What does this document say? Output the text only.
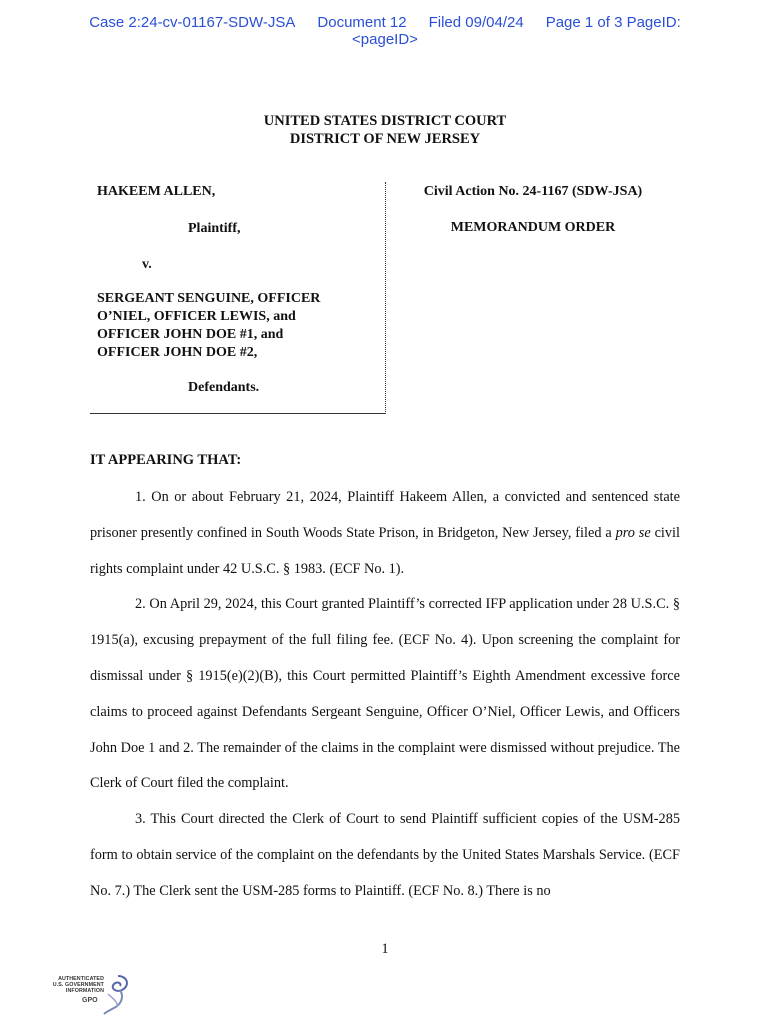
Case 2:24-cv-01167-SDW-JSA Document 12 Filed 09/04/24 Page 1 of 3 PageID:
<pageID>
UNITED STATES DISTRICT COURT
DISTRICT OF NEW JERSEY
HAKEEM ALLEN,
Plaintiff,
v.
SERGEANT SENGUINE, OFFICER
O’NIEL, OFFICER LEWIS, and
OFFICER JOHN DOE #1, and
OFFICER JOHN DOE #2,
Defendants.
Civil Action No. 24-1167 (SDW-JSA)
MEMORANDUM ORDER
IT APPEARING THAT:

1. On or about February 21, 2024, Plaintiff Hakeem Allen, a convicted and sentenced state prisoner presently confined in South Woods State Prison, in Bridgeton, New Jersey, filed a pro se civil rights complaint under 42 U.S.C. § 1983. (ECF No. 1).

2. On April 29, 2024, this Court granted Plaintiff’s corrected IFP application under 28 U.S.C. § 1915(a), excusing prepayment of the full filing fee. (ECF No. 4). Upon screening the complaint for dismissal under § 1915(e)(2)(B), this Court permitted Plaintiff’s Eighth Amendment excessive force claims to proceed against Defendants Sergeant Senguine, Officer O’Niel, Officer Lewis, and Officers John Doe 1 and 2. The remainder of the claims in the complaint were dismissed without prejudice. The Clerk of Court filed the complaint.

3. This Court directed the Clerk of Court to send Plaintiff sufficient copies of the USM-285 form to obtain service of the complaint on the defendants by the United States Marshals Service. (ECF No. 7.) The Clerk sent the USM-285 forms to Plaintiff. (ECF No. 8.) There is no

1
AUTHENTICATED
U.S. GOVERNMENT
INFORMATION
GPO
